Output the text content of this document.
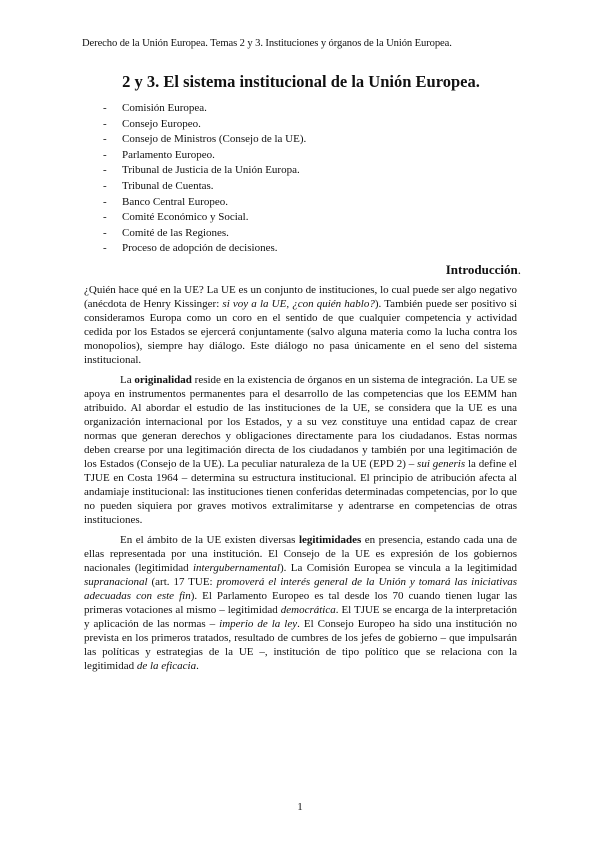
Derecho de la Unión Europea. Temas 2 y 3. Instituciones y órganos de la Unión Europea.
2 y 3. El sistema institucional de la Unión Europea.
- Comisión Europea.
- Consejo Europeo.
- Consejo de Ministros (Consejo de la UE).
- Parlamento Europeo.
- Tribunal de Justicia de la Unión Europa.
- Tribunal de Cuentas.
- Banco Central Europeo.
- Comité Económico y Social.
- Comité de las Regiones.
- Proceso de adopción de decisiones.
Introducción.

¿Quién hace qué en la UE? La UE es un conjunto de instituciones, lo cual puede ser algo negativo (anécdota de Henry Kissinger: si voy a la UE, ¿con quién hablo?). También puede ser positivo si consideramos Europa como un coro en el sentido de que cualquier competencia y actividad cedida por los Estados se ejercerá conjuntamente (salvo alguna materia como la lucha contra los monopolios), siempre hay diálogo. Este diálogo no pasa únicamente en el seno del sistema institucional.

La originalidad reside en la existencia de órganos en un sistema de integración. La UE se apoya en instrumentos permanentes para el desarrollo de las competencias que los EEMM han atribuido. Al abordar el estudio de las instituciones de la UE, se considera que la UE es una organización internacional por los Estados, y a su vez constituye una entidad capaz de crear normas que generan derechos y obligaciones directamente para los ciudadanos. Estas normas deben crearse por una legitimación directa de los ciudadanos y también por una legitimación de los Estados (Consejo de la UE). La peculiar naturaleza de la UE (EPD 2) – sui generis la define el TJUE en Costa 1964 – determina su estructura institucional. El principio de atribución afecta al andamiaje institucional: las instituciones tienen conferidas determinadas competencias, por lo que no pueden siquiera por graves motivos extralimitarse y adentrarse en competencias de otras instituciones.

En el ámbito de la UE existen diversas legitimidades en presencia, estando cada una de ellas representada por una institución. El Consejo de la UE es expresión de los gobiernos nacionales (legitimidad intergubernamental). La Comisión Europea se vincula a la legitimidad supranacional (art. 17 TUE: promoverá el interés general de la Unión y tomará las iniciativas adecuadas con este fin). El Parlamento Europeo es tal desde los 70 cuando tienen lugar las primeras votaciones al mismo – legitimidad democrática. El TJUE se encarga de la interpretación y aplicación de las normas – imperio de la ley. El Consejo Europeo ha sido una institución no prevista en los primeros tratados, resultado de cumbres de los jefes de gobierno – que impulsarán las políticas y estrategias de la UE –, institución de tipo político que se relaciona con la legitimidad de la eficacia.

1
